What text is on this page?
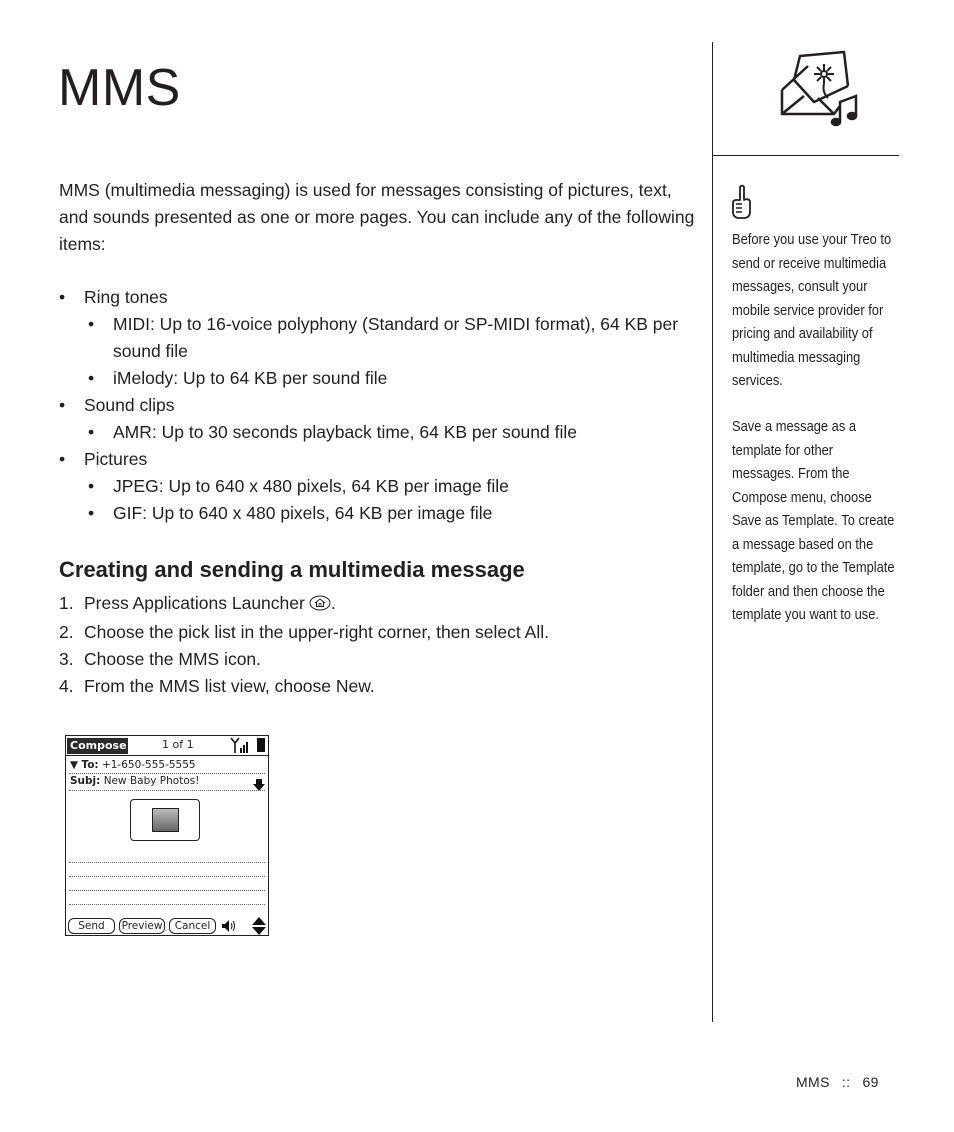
MMS

MMS (multimedia messaging) is used for messages consisting of pictures, text, and sounds presented as one or more pages. You can include any of the following items:

• Ring tones
• MIDI: Up to 16-voice polyphony (Standard or SP-MIDI format), 64 KB per sound file
• iMelody: Up to 64 KB per sound file
• Sound clips
• AMR: Up to 30 seconds playback time, 64 KB per sound file
• Pictures
• JPEG: Up to 640 x 480 pixels, 64 KB per image file
• GIF: Up to 640 x 480 pixels, 64 KB per image file
Creating and sending a multimedia message
1. Press Applications Launcher .
2. Choose the pick list in the upper-right corner, then select All.
3. Choose the MMS icon.
4. From the MMS list view, choose New.
Compose	1 of 1
▼ To: +1-650-555-5555
Subj: New Baby Photos!
Send	Preview	Cancel

Before you use your Treo to send or receive multimedia messages, consult your mobile service provider for pricing and availability of multimedia messaging services.

Save a message as a template for other messages. From the Compose menu, choose Save as Template. To create a message based on the template, go to the Template folder and then choose the template you want to use.

MMS :: 69
